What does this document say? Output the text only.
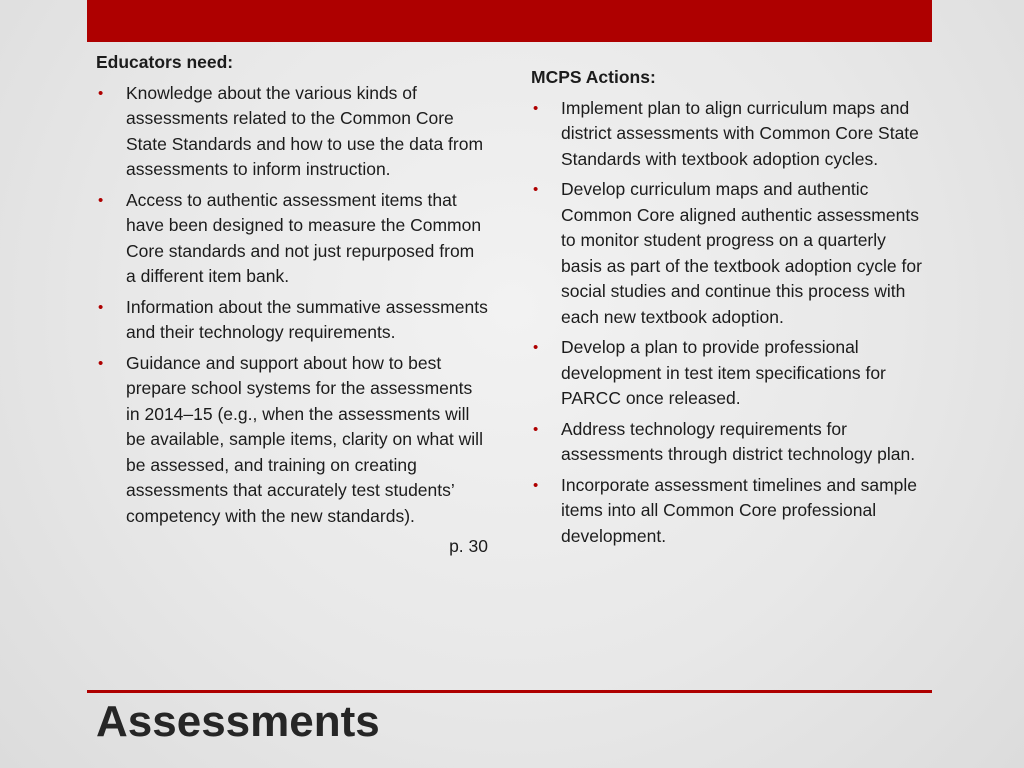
Educators need:
• Knowledge about the various kinds of assessments related to the Common Core State Standards and how to use the data from assessments to inform instruction.
• Access to authentic assessment items that have been designed to measure the Common Core standards and not just repurposed from a different item bank.
• Information about the summative assessments and their technology requirements.
• Guidance and support about how to best prepare school systems for the assessments in 2014–15 (e.g., when the assessments will be available, sample items, clarity on what will be assessed, and training on creating assessments that accurately test students’ competency with the new standards).
p. 30
MCPS Actions:
• Implement plan to align curriculum maps and district assessments with Common Core State Standards with textbook adoption cycles.
• Develop curriculum maps and authentic Common Core aligned authentic assessments to monitor student progress on a quarterly basis as part of the textbook adoption cycle for social studies and continue this process with each new textbook adoption.
• Develop a plan to provide professional development in test item specifications for PARCC once released.
• Address technology requirements for assessments through district technology plan.
• Incorporate assessment timelines and sample items into all Common Core professional development.
Assessments
